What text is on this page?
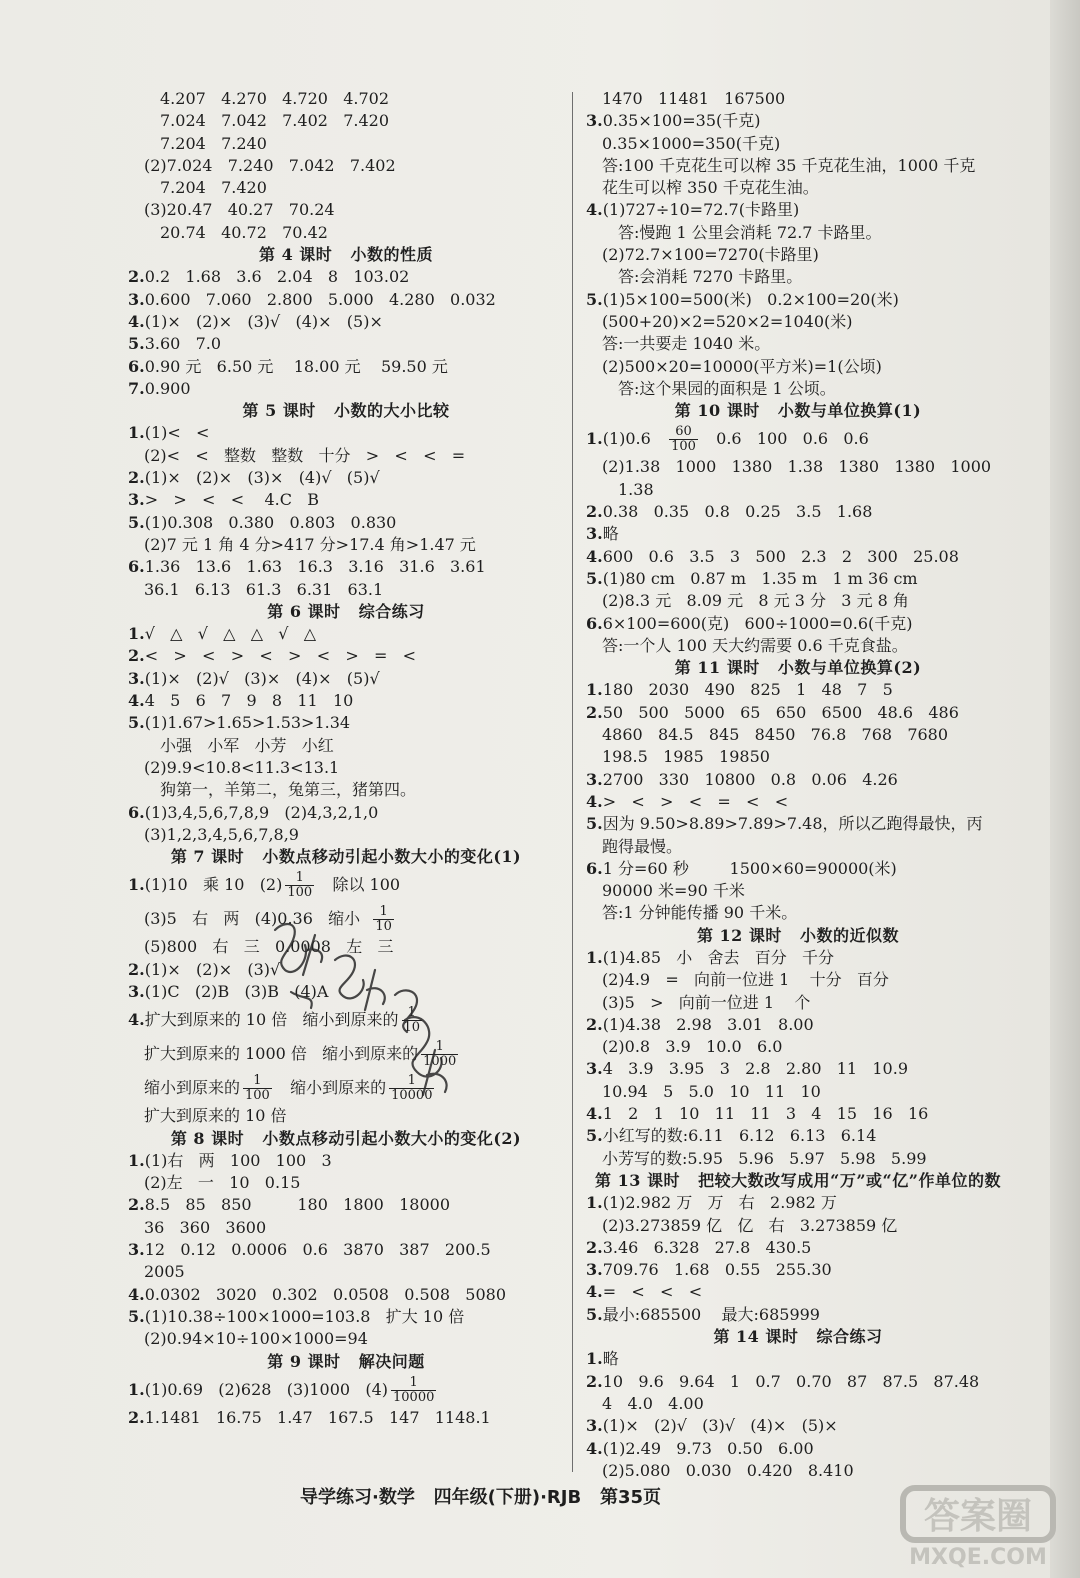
4.207   4.270   4.720   4.702
7.024   7.042   7.402   7.420
7.204   7.240
(2)7.024   7.240   7.042   7.402
7.204   7.420
(3)20.47   40.27   70.24
20.74   40.72   70.42
第 4 课时   小数的性质
2.0.2   1.68   3.6   2.04   8   103.02
3.0.600   7.060   2.800   5.000   4.280   0.032
4.(1)×   (2)×   (3)√   (4)×   (5)×
5.3.60   7.0
6.0.90 元   6.50 元    18.00 元    59.50 元
7.0.900
第 5 课时   小数的大小比较
1.(1)<   <
(2)<   <   整数   整数   十分   >   <   <   =
2.(1)×   (2)×   (3)×   (4)√   (5)√
3.>   >   <   <    4.C   B
5.(1)0.308   0.380   0.803   0.830
(2)7 元 1 角 4 分>417 分>17.4 角>1.47 元
6.1.36   13.6   1.63   16.3   3.16   31.6   3.61
36.1   6.13   61.3   6.31   63.1
第 6 课时   综合练习
1.√   △   √   △   △   √   △
2.<   >   <   >   <   >   <   >   =   <
3.(1)×   (2)√   (3)×   (4)×   (5)√
4.4   5   6   7   9   8   11   10
5.(1)1.67>1.65>1.53>1.34
小强   小军   小芳   小红
(2)9.9<10.8<11.3<13.1
狗第一，羊第二，兔第三，猪第四。
6.(1)3,4,5,6,7,8,9   (2)4,3,2,1,0
(3)1,2,3,4,5,6,7,8,9
第 7 课时   小数点移动引起小数大小的变化(1)
1.(1)10   乘 10   $(2) \frac{1}{100}$ 除以 100
(3)5   右   两   (4)0.36   缩小 $\frac{1}{10}$
(5)800   右   三   0.0008   左   三
2.(1)×   (2)×   (3)√
3.(1)C   (2)B   (3)B   (4)A
4.扩大到原来的 10 倍   缩小到原来的 $\frac{1}{10}$
扩大到原来的 1000 倍   缩小到原来的 $\frac{1}{1000}$
缩小到原来的 $\frac{1}{100}$ 缩小到原来的 $\frac{1}{10000}$
扩大到原来的 10 倍
第 8 课时   小数点移动引起小数大小的变化(2)
1.(1)右   两   100   100   3
(2)左   一   10   0.15
2.8.5   85   850         180   1800   18000
36   360   3600
3.12   0.12   0.0006   0.6   3870   387   200.5
2005
4.0.0302   3020   0.302   0.0508   0.508   5080
5.(1)10.38÷100×1000=103.8   扩大 10 倍
(2)0.94×10÷100×1000=94
第 9 课时   解决问题
1.(1)0.69   (2)628   (3)1000   $(4) \frac{1}{10000}$
2.1.1481   16.75   1.47   167.5   147   1148.1
1470   11481   167500
3.0.35×100=35(千克)
0.35×1000=350(千克)
答:100 千克花生可以榨 35 千克花生油，1000 千克
花生可以榨 350 千克花生油。
4.(1)727÷10=72.7(卡路里)
答:慢跑 1 公里会消耗 72.7 卡路里。
(2)72.7×100=7270(卡路里)
答:会消耗 7270 卡路里。
5.(1)5×100=500(米)   0.2×100=20(米)
(500+20)×2=520×2=1040(米)
答:一共要走 1040 米。
(2)500×20=10000(平方米)=1(公顷)
答:这个果园的面积是 1 公顷。
第 10 课时   小数与单位换算(1)
$1.(1)0.6 \frac{60}{100} 0.6$   100   0.6   0.6
(2)1.38   1000   1380   1.38   1380   1380   1000
1.38
2.0.38   0.35   0.8   0.25   3.5   1.68
3.略
4.600   0.6   3.5   3   500   2.3   2   300   25.08
5.(1)80 cm   0.87 m   1.35 m   1 m 36 cm
(2)8.3 元   8.09 元   8 元 3 分   3 元 8 角
6.6×100=600(克)   600÷1000=0.6(千克)
答:一个人 100 天大约需要 0.6 千克食盐。
第 11 课时   小数与单位换算(2)
1.180   2030   490   825   1   48   7   5
2.50   500   5000   65   650   6500   48.6   486
4860   84.5   845   8450   76.8   768   7680
198.5   1985   19850
3.2700   330   10800   0.8   0.06   4.26
4.>   <   >   <   =   <   <
5.因为 9.50>8.89>7.89>7.48，所以乙跑得最快，丙
跑得最慢。
6.1 分=60 秒        1500×60=90000(米)
90000 米=90 千米
答:1 分钟能传播 90 千米。
第 12 课时   小数的近似数
1.(1)4.85   小   舍去   百分   千分
(2)4.9   =   向前一位进 1    十分   百分
(3)5   >   向前一位进 1    个
2.(1)4.38   2.98   3.01   8.00
(2)0.8   3.9   10.0   6.0
3.4   3.9   3.95   3   2.8   2.80   11   10.9
10.94   5   5.0   10   11   10
4.1   2   1   10   11   11   3   4   15   16   16
5.小红写的数:6.11   6.12   6.13   6.14
小芳写的数:5.95   5.96   5.97   5.98   5.99
第 13 课时   把较大数改写成用“万”或“亿”作单位的数
1.(1)2.982 万   万   右   2.982 万
(2)3.273859 亿   亿   右   3.273859 亿
2.3.46   6.328   27.8   430.5
3.709.76   1.68   0.55   255.30
4.=   <   <   <
5.最小:685500    最大:685999
第 14 课时   综合练习
1.略
2.10   9.6   9.64   1   0.7   0.70   87   87.5   87.48
4   4.0   4.00
3.(1)×   (2)√   (3)√   (4)×   (5)×
4.(1)2.49   9.73   0.50   6.00
(2)5.080   0.030   0.420   8.410
导学练习·数学   四年级(下册)·RJB   第35页	答案圈
MXQE.COM
